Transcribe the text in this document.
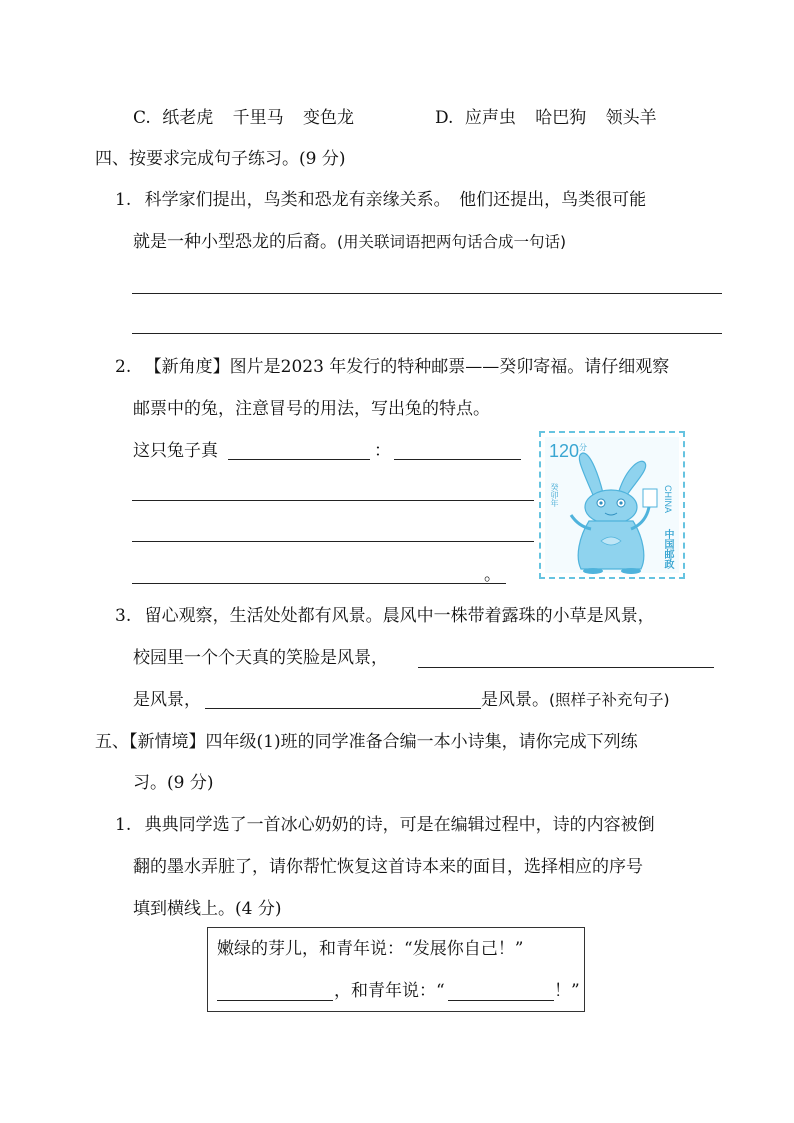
C. 纸老虎 千里马 变色龙	D. 应声虫 哈巴狗 领头羊
四、按要求完成句子练习。(9 分)
1. 科学家们提出，鸟类和恐龙有亲缘关系。　他们还提出，鸟类很可能
就是一种小型恐龙的后裔。(用关联词语把两句话合成一句话)
2. 【新角度】图片是2023 年发行的特种邮票——癸卯寄福。请仔细观察
邮票中的兔，注意冒号的用法，写出兔的特点。
这只兔子真	：
。
$120^分$
癸卯年	CHINA
中国邮政
3. 留心观察，生活处处都有风景。晨风中一株带着露珠的小草是风景，
校园里一个个天真的笑脸是风景，
是风景，	是风景。(照样子补充句子)
五、【新情境】四年级(1)班的同学准备合编一本小诗集，请你完成下列练
习。(9 分)
1. 典典同学选了一首冰心奶奶的诗，可是在编辑过程中，诗的内容被倒
翻的墨水弄脏了，请你帮忙恢复这首诗本来的面目，选择相应的序号
填到横线上。(4 分)
嫩绿的芽儿，和青年说：“发展你自己！”
，和青年说：“	！”
